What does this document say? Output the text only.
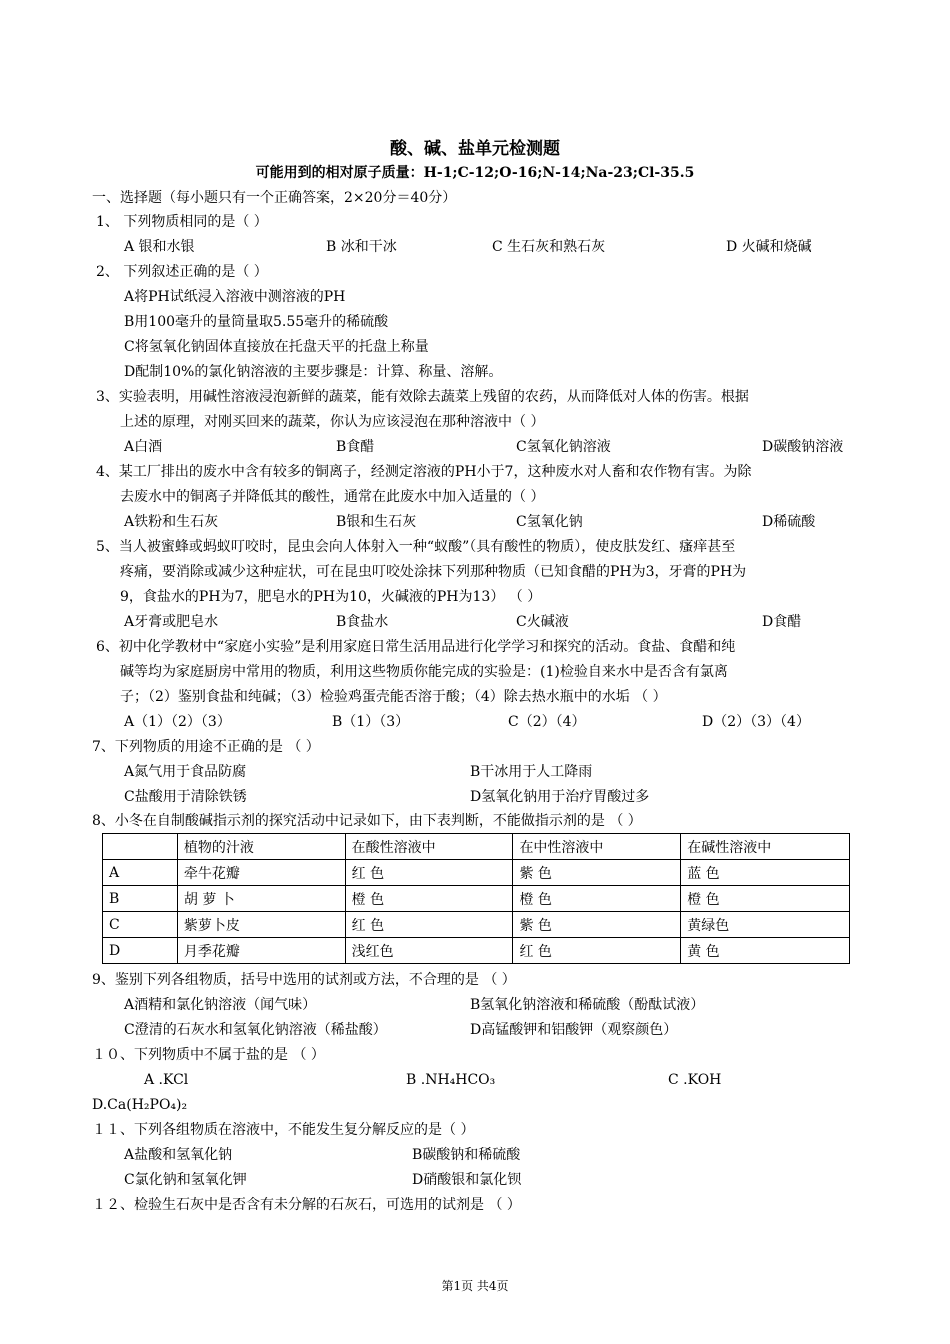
酸、碱、盐单元检测题
可能用到的相对原子质量：H-1;C-12;O-16;N-14;Na-23;Cl-35.5
一、选择题（每小题只有一个正确答案，2×20分＝40分）
1、 下列物质相同的是（ ）
A 银和水银	B 冰和干冰	C 生石灰和熟石灰	D 火碱和烧碱
2、 下列叙述正确的是（ ）
A将PH试纸浸入溶液中测溶液的PH
B用100毫升的量筒量取5.55毫升的稀硫酸
C将氢氧化钠固体直接放在托盘天平的托盘上称量
D配制10%的氯化钠溶液的主要步骤是：计算、称量、溶解。
3、实验表明，用碱性溶液浸泡新鲜的蔬菜，能有效除去蔬菜上残留的农药，从而降低对人体的伤害。根据
上述的原理，对刚买回来的蔬菜，你认为应该浸泡在那种溶液中（ ）
A白酒	B食醋	C氢氧化钠溶液	D碳酸钠溶液
4、某工厂排出的废水中含有较多的铜离子，经测定溶液的PH小于7，这种废水对人畜和农作物有害。为除
去废水中的铜离子并降低其的酸性，通常在此废水中加入适量的（ ）
A铁粉和生石灰	B银和生石灰	C氢氧化钠	D稀硫酸
5、当人被蜜蜂或蚂蚁叮咬时，昆虫会向人体射入一种“蚁酸”（具有酸性的物质），使皮肤发红、瘙痒甚至
疼痛，要消除或减少这种症状，可在昆虫叮咬处涂抹下列那种物质（已知食醋的PH为3，牙膏的PH为
9，食盐水的PH为7，肥皂水的PH为10，火碱液的PH为13） （ ）
A牙膏或肥皂水	B食盐水	C火碱液	D食醋
6、初中化学教材中“家庭小实验”是利用家庭日常生活用品进行化学学习和探究的活动。食盐、食醋和纯
碱等均为家庭厨房中常用的物质，利用这些物质你能完成的实验是：(1)检验自来水中是否含有氯离
子；（2）鉴别食盐和纯碱；（3）检验鸡蛋壳能否溶于酸；（4）除去热水瓶中的水垢 （ ）
A（1）（2）（3）	B（1）（3）	C（2）（4）	D（2）（3）（4）
7、下列物质的用途不正确的是 （ ）
A氮气用于食品防腐	B干冰用于人工降雨
C盐酸用于清除铁锈	D氢氧化钠用于治疗胃酸过多
8、小冬在自制酸碱指示剂的探究活动中记录如下，由下表判断，不能做指示剂的是 （ ）
	植物的汁液	在酸性溶液中	在中性溶液中	在碱性溶液中
A	牵牛花瓣	红 色	紫 色	蓝 色
B	胡 萝 卜	橙 色	橙 色	橙 色
C	紫萝卜皮	红 色	紫 色	黄绿色
D	月季花瓣	浅红色	红 色	黄 色
9、鉴别下列各组物质，括号中选用的试剂或方法，不合理的是 （ ）
A酒精和氯化钠溶液（闻气味）	B氢氧化钠溶液和稀硫酸（酚酞试液）
C澄清的石灰水和氢氧化钠溶液（稀盐酸）	D高锰酸钾和铝酸钾（观察颜色）
１０、下列物质中不属于盐的是 （ ）
A .KCl	B .NH₄HCO₃	C .KOH
D.Ca(H₂PO₄)₂
１１、下列各组物质在溶液中，不能发生复分解反应的是（ ）
A盐酸和氢氧化钠	B碳酸钠和稀硫酸
C氯化钠和氢氧化钾	D硝酸银和氯化钡
１２、检验生石灰中是否含有未分解的石灰石，可选用的试剂是 （ ）
第1页 共4页
